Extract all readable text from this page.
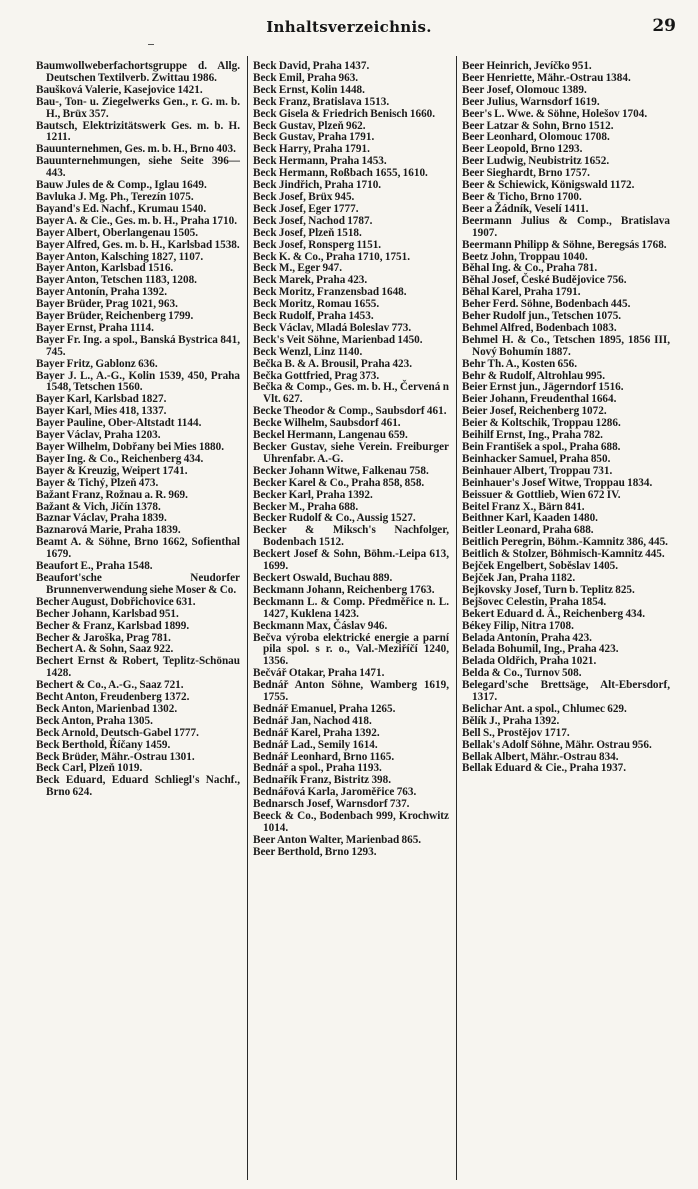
Inhaltsverzeichnis.	29
Baumwollweberfachortsgruppe d. Allg. Deutschen Textilverb. Zwittau 1986.
Baušková Valerie, Kasejovice 1421.
Bau-, Ton- u. Ziegelwerks Gen., r. G. m. b. H., Brüx 357.
Bautsch, Elektrizitätswerk Ges. m. b. H. 1211.
Bauunternehmen, Ges. m. b. H., Brno 403.
Bauunternehmungen, siehe Seite 396—443.
Bauw Jules de & Comp., Iglau 1649.
Bavluka J. Mg. Ph., Terezín 1075.
Bayand's Ed. Nachf., Krumau 1540.
Bayer A. & Cie., Ges. m. b. H., Praha 1710.
Bayer Albert, Oberlangenau 1505.
Bayer Alfred, Ges. m. b. H., Karlsbad 1538.
Bayer Anton, Kalsching 1827, 1107.
Bayer Anton, Karlsbad 1516.
Bayer Anton, Tetschen 1183, 1208.
Bayer Antonín, Praha 1392.
Bayer Brüder, Prag 1021, 963.
Bayer Brüder, Reichenberg 1799.
Bayer Ernst, Praha 1114.
Bayer Fr. Ing. a spol., Banská Bystrica 841, 745.
Bayer Fritz, Gablonz 636.
Bayer J. L., A.-G., Kolin 1539, 450, Praha 1548, Tetschen 1560.
Bayer Karl, Karlsbad 1827.
Bayer Karl, Mies 418, 1337.
Bayer Pauline, Ober-Altstadt 1144.
Bayer Václav, Praha 1203.
Bayer Wilhelm, Dobřany bei Mies 1880.
Bayer Ing. & Co., Reichenberg 434.
Bayer & Kreuzig, Weipert 1741.
Bayer & Tichý, Plzeň 473.
Bažant Franz, Rožnau a. R. 969.
Bažant & Vich, Jičín 1378.
Baznar Václav, Praha 1839.
Baznarová Marie, Praha 1839.
Beamt A. & Söhne, Brno 1662, Sofienthal 1679.
Beaufort E., Praha 1548.
Beaufort'sche Neudorfer Brunnenverwendung siehe Moser & Co.
Becher August, Dobřichovice 631.
Becher Johann, Karlsbad 951.
Becher & Franz, Karlsbad 1899.
Becher & Jaroška, Prag 781.
Bechert A. & Sohn, Saaz 922.
Bechert Ernst & Robert, Teplitz-Schönau 1428.
Bechert & Co., A.-G., Saaz 721.
Becht Anton, Freudenberg 1372.
Beck Anton, Marienbad 1302.
Beck Anton, Praha 1305.
Beck Arnold, Deutsch-Gabel 1777.
Beck Berthold, Říčany 1459.
Beck Brüder, Mähr.-Ostrau 1301.
Beck Carl, Plzeň 1019.
Beck Eduard, Eduard Schliegl's Nachf., Brno 624.
Beck David, Praha 1437.
Beck Emil, Praha 963.
Beck Ernst, Kolin 1448.
Beck Franz, Bratislava 1513.
Beck Gisela & Friedrich Benisch 1660.
Beck Gustav, Plzeň 962.
Beck Gustav, Praha 1791.
Beck Harry, Praha 1791.
Beck Hermann, Praha 1453.
Beck Hermann, Roßbach 1655, 1610.
Beck Jindřich, Praha 1710.
Beck Josef, Brüx 945.
Beck Josef, Eger 1777.
Beck Josef, Nachod 1787.
Beck Josef, Plzeň 1518.
Beck Josef, Ronsperg 1151.
Beck K. & Co., Praha 1710, 1751.
Beck M., Eger 947.
Beck Marek, Praha 423.
Beck Moritz, Franzensbad 1648.
Beck Moritz, Romau 1655.
Beck Rudolf, Praha 1453.
Beck Václav, Mladá Boleslav 773.
Beck's Veit Söhne, Marienbad 1450.
Beck Wenzl, Linz 1140.
Bečka B. & A. Brousil, Praha 423.
Bečka Gottfried, Prag 373.
Bečka & Comp., Ges. m. b. H., Červená n Vlt. 627.
Becke Theodor & Comp., Saubsdorf 461.
Becke Wilhelm, Saubsdorf 461.
Beckel Hermann, Langenau 659.
Becker Gustav, siehe Verein. Freiburger Uhrenfabr. A.-G.
Becker Johann Witwe, Falkenau 758.
Becker Karel & Co., Praha 858, 858.
Becker Karl, Praha 1392.
Becker M., Praha 688.
Becker Rudolf & Co., Aussig 1527.
Becker & Miksch's Nachfolger, Bodenbach 1512.
Beckert Josef & Sohn, Böhm.-Leipa 613, 1699.
Beckert Oswald, Buchau 889.
Beckmann Johann, Reichenberg 1763.
Beckmann L. & Comp. Předměřice n. L. 1427, Kuklena 1423.
Beckmann Max, Čáslav 946.
Bečva výroba elektrické energie a parní pila spol. s r. o., Val.-Meziříčí 1240, 1356.
Bečvář Otakar, Praha 1471.
Bednář Anton Söhne, Wamberg 1619, 1755.
Bednář Emanuel, Praha 1265.
Bednář Jan, Nachod 418.
Bednář Karel, Praha 1392.
Bednář Lad., Semily 1614.
Bednář Leonhard, Brno 1165.
Bednář a spol., Praha 1193.
Bednařík Franz, Bistritz 398.
Bednářová Karla, Jaroměřice 763.
Bednarsch Josef, Warnsdorf 737.
Beeck & Co., Bodenbach 999, Krochwitz 1014.
Beer Anton Walter, Marienbad 865.
Beer Berthold, Brno 1293.
Beer Heinrich, Jevíčko 951.
Beer Henriette, Mähr.-Ostrau 1384.
Beer Josef, Olomouc 1389.
Beer Julius, Warnsdorf 1619.
Beer's L. Wwe. & Söhne, Holešov 1704.
Beer Latzar & Sohn, Brno 1512.
Beer Leonhard, Olomouc 1708.
Beer Leopold, Brno 1293.
Beer Ludwig, Neubistritz 1652.
Beer Sieghardt, Brno 1757.
Beer & Schiewick, Königswald 1172.
Beer & Ticho, Brno 1700.
Beer a Žádník, Veselí 1411.
Beermann Julius & Comp., Bratislava 1907.
Beermann Philipp & Söhne, Beregsás 1768.
Beetz John, Troppau 1040.
Běhal Ing. & Co., Praha 781.
Běhal Josef, České Budějovice 756.
Běhal Karel, Praha 1791.
Beher Ferd. Söhne, Bodenbach 445.
Beher Rudolf jun., Tetschen 1075.
Behmel Alfred, Bodenbach 1083.
Behmel H. & Co., Tetschen 1895, 1856 III, Nový Bohumín 1887.
Behr Th. A., Kosten 656.
Behr & Rudolf, Altrohlau 995.
Beier Ernst jun., Jägerndorf 1516.
Beier Johann, Freudenthal 1664.
Beier Josef, Reichenberg 1072.
Beier & Koltschik, Troppau 1286.
Beihilf Ernst, Ing., Praha 782.
Bein František a spol., Praha 688.
Beinhacker Samuel, Praha 850.
Beinhauer Albert, Troppau 731.
Beinhauer's Josef Witwe, Troppau 1834.
Beissuer & Gottlieb, Wien 672 IV.
Beitel Franz X., Bärn 841.
Beithner Karl, Kaaden 1480.
Beitler Leonard, Praha 688.
Beitlich Peregrin, Böhm.-Kamnitz 386, 445.
Beitlich & Stolzer, Böhmisch-Kamnitz 445.
Bejček Engelbert, Soběslav 1405.
Bejček Jan, Praha 1182.
Bejkovsky Josef, Turn b. Teplitz 825.
Bejšovec Celestin, Praha 1854.
Bekert Eduard d. Ä., Reichenberg 434.
Békey Filip, Nitra 1708.
Belada Antonín, Praha 423.
Belada Bohumil, Ing., Praha 423.
Belada Oldřich, Praha 1021.
Belda & Co., Turnov 508.
Belegard'sche Brettsäge, Alt-Ebersdorf, 1317.
Belichar Ant. a spol., Chlumec 629.
Bělík J., Praha 1392.
Bell S., Prostějov 1717.
Bellak's Adolf Söhne, Mähr. Ostrau 956.
Bellak Albert, Mähr.-Ostrau 834.
Bellak Eduard & Cie., Praha 1937.
